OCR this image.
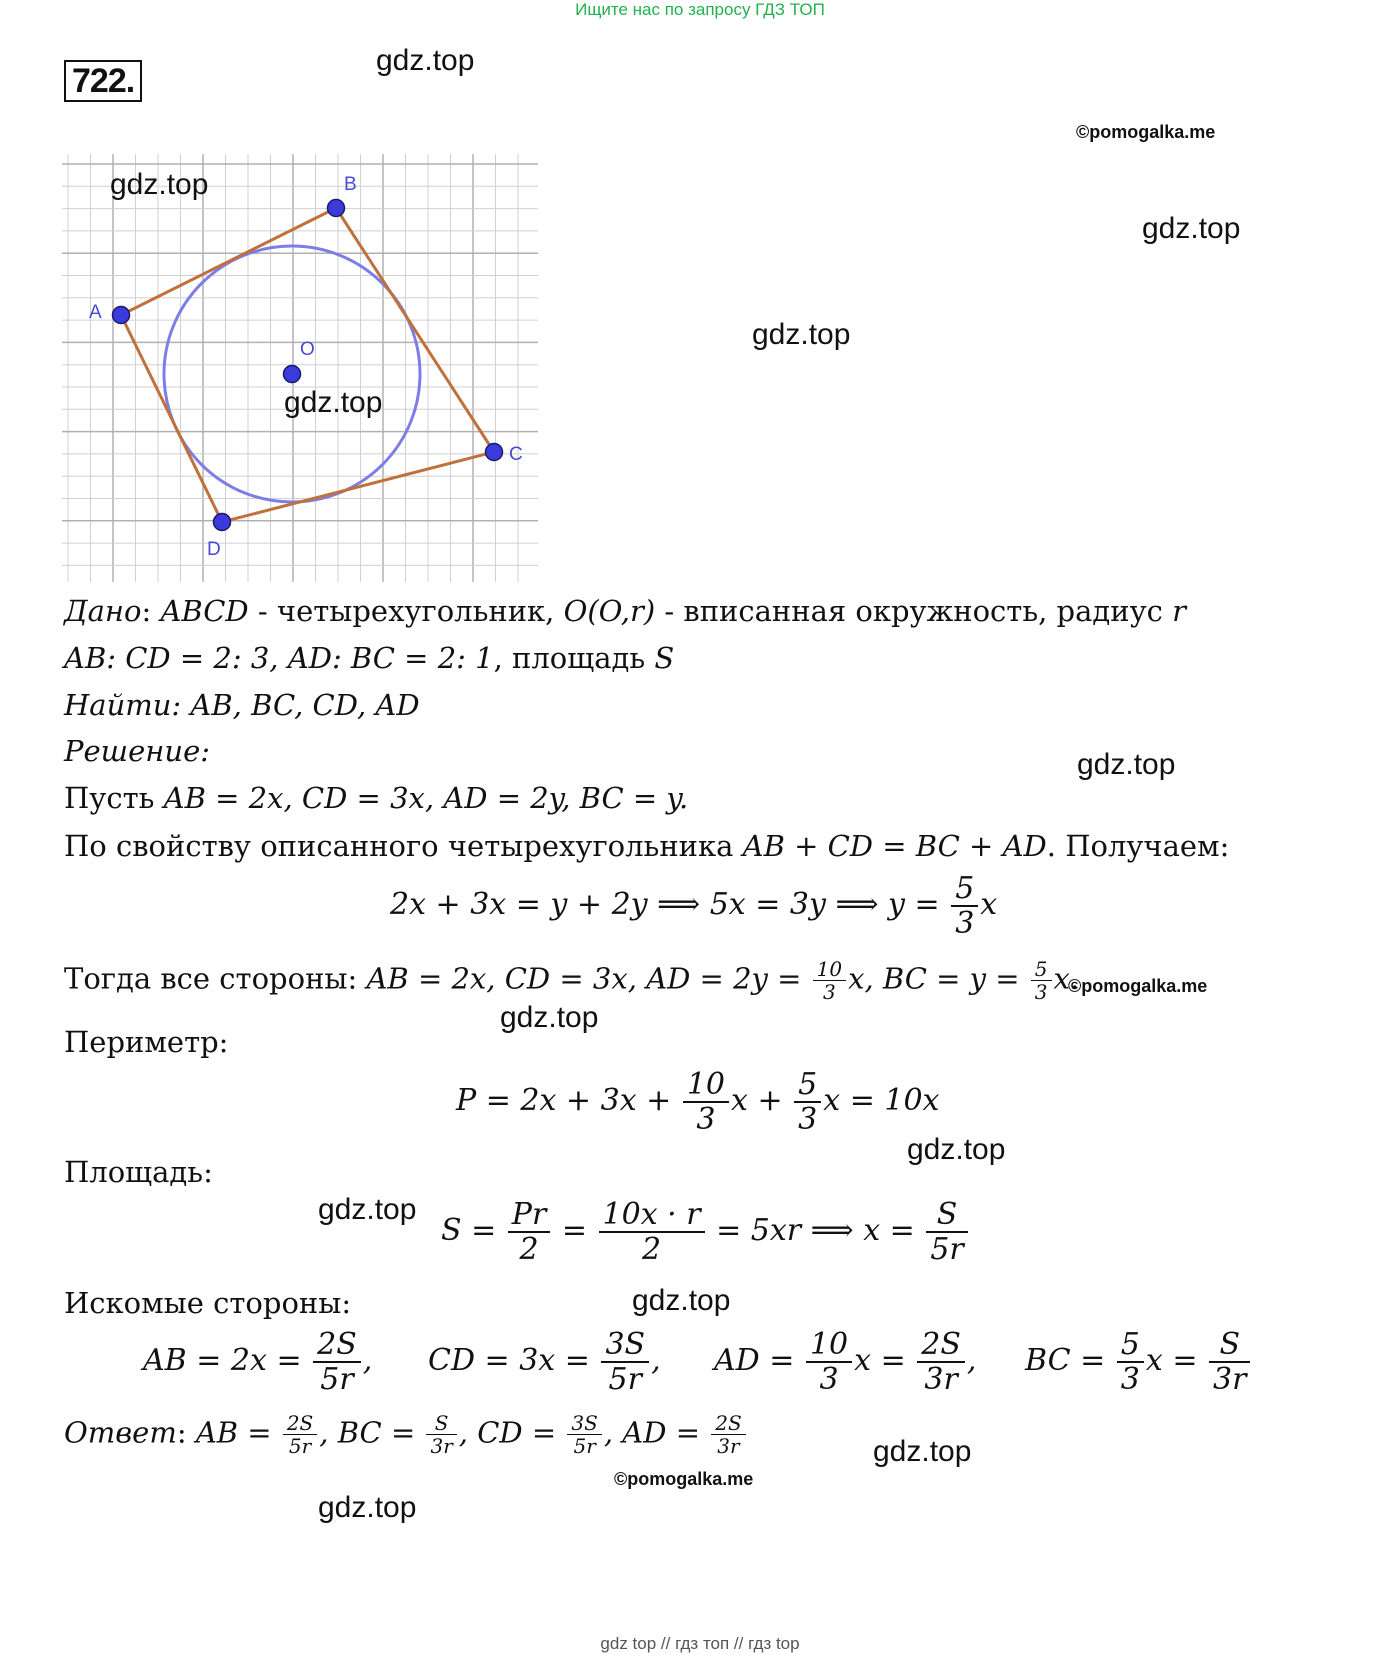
Ищите нас по запросу ГДЗ ТОП
722.
gdz.top
gdz.top
gdz.top
gdz.top
gdz.top
gdz.top
gdz.top
gdz.top
gdz.top
gdz.top
©pomogalka.me
©pomogalka.me
©pomogalka.me
A
B
C
D
O
gdz.top
gdz.top
Дано: ABCD - четырехугольник, O(O,r) - вписанная окружность, радиус r
AB: CD = 2: 3, AD: BC = 2: 1, площадь S
Найти: AB, BC, CD, AD
Решение:
Пусть AB = 2x, CD = 3x, AD = 2y, BC = y.
По свойству описанного четырехугольника AB + CD = BC + AD. Получаем:
2x + 3x = y + 2y ⟹ 5x = 3y ⟹ $y = \frac{5}{3}$ x
Тогда все стороны: AB = 2x, CD = 3x, AD = $2y = \frac{10}{3} x$, BC = $y = \frac{5}{3} x$.
Периметр:
$P = 2x + 3x + \frac{10}{3}$ $x + \frac{5}{3}$ x = 10x
Площадь:
$S = \frac{Pr}{2} = \frac{10x \cdot r}{2} = 5xr$ ⟹ $x = \frac{S}{5r}$
Искомые стороны:
AB = $2x = \frac{2S}{5r}$ , CD = $3x = \frac{3S}{5r}$ , AD = $\frac{10}{3}$ $x = \frac{2S}{3r}$ , BC = $\frac{5}{3}$ $x = \frac{S}{3r}$
Ответ: AB = $\frac{2S}{5r}$ , BC = $\frac{S}{3r}$ , CD = $\frac{3S}{5r}$ , AD = $\frac{2S}{3r}$
gdz top // гдз топ // гдз top
